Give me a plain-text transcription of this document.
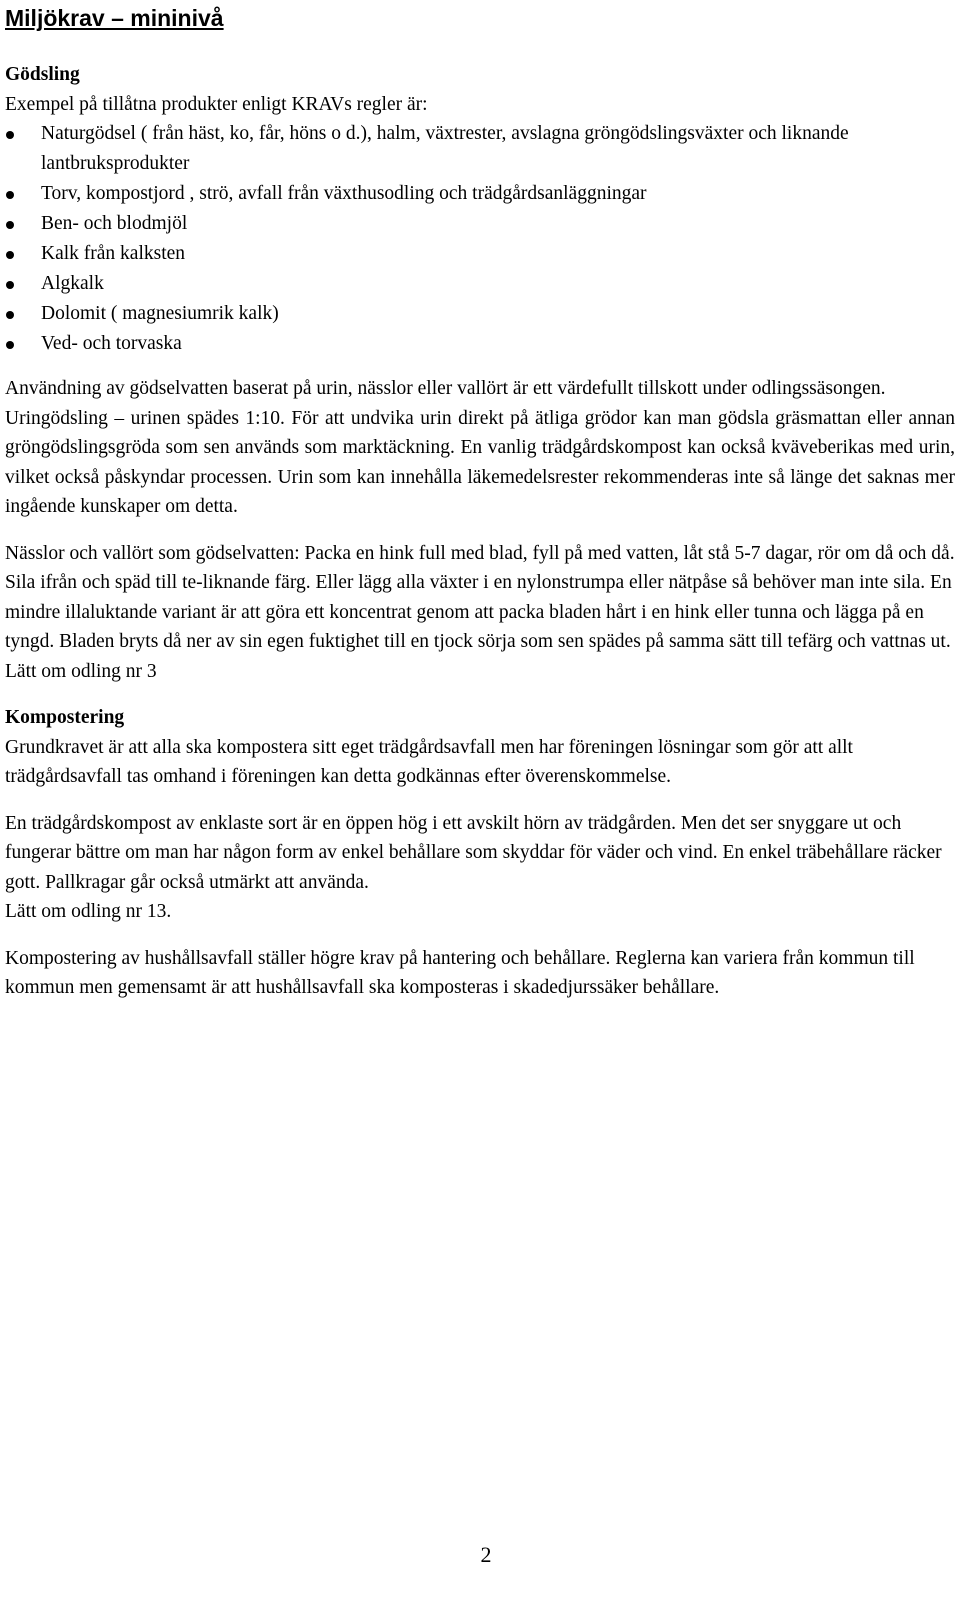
Miljökrav – mininivå
Gödsling

Exempel på tillåtna produkter enligt KRAVs regler är:

Naturgödsel ( från häst, ko, får, höns o d.), halm, växtrester, avslagna gröngödslingsväxter och liknande lantbruksprodukter
Torv, kompostjord , strö, avfall från växthusodling och trädgårdsanläggningar
Ben- och blodmjöl
Kalk från kalksten
Algkalk
Dolomit ( magnesiumrik kalk)
Ved- och torvaska

Användning av gödselvatten baserat på urin, nässlor eller vallört är ett värdefullt tillskott under odlingssäsongen.

Uringödsling – urinen spädes 1:10. För att undvika urin direkt på ätliga grödor kan man gödsla gräsmattan eller annan gröngödslingsgröda som sen används som marktäckning. En vanlig trädgårdskompost kan också kväveberikas med urin, vilket också påskyndar processen. Urin som kan innehålla läkemedelsrester rekommenderas inte så länge det saknas mer ingående kunskaper om detta.

Nässlor och vallört som gödselvatten: Packa en hink full med blad, fyll på med vatten, låt stå 5-7 dagar, rör om då och då. Sila ifrån och späd till te-liknande färg. Eller lägg alla växter i en nylonstrumpa eller nätpåse så behöver man inte sila. En mindre illaluktande variant är att göra ett koncentrat genom att packa bladen hårt i en hink eller tunna och lägga på en tyngd. Bladen bryts då ner av sin egen fuktighet till en tjock sörja som sen spädes på samma sätt till tefärg och vattnas ut.

Lätt om odling nr 3

Kompostering

Grundkravet är att alla ska kompostera sitt eget trädgårdsavfall men har föreningen lösningar som gör att allt trädgårdsavfall tas omhand i föreningen kan detta godkännas efter överenskommelse.

En trädgårdskompost av enklaste sort är en öppen hög i ett avskilt hörn av trädgården. Men det ser snyggare ut och fungerar bättre om man har någon form av enkel behållare som skyddar för väder och vind. En enkel träbehållare räcker gott. Pallkragar går också utmärkt att använda.

Lätt om odling nr 13.

Kompostering av hushållsavfall ställer högre krav på hantering och behållare. Reglerna kan variera från kommun till kommun men gemensamt är att hushållsavfall ska komposteras i skadedjurssäker behållare.

2
